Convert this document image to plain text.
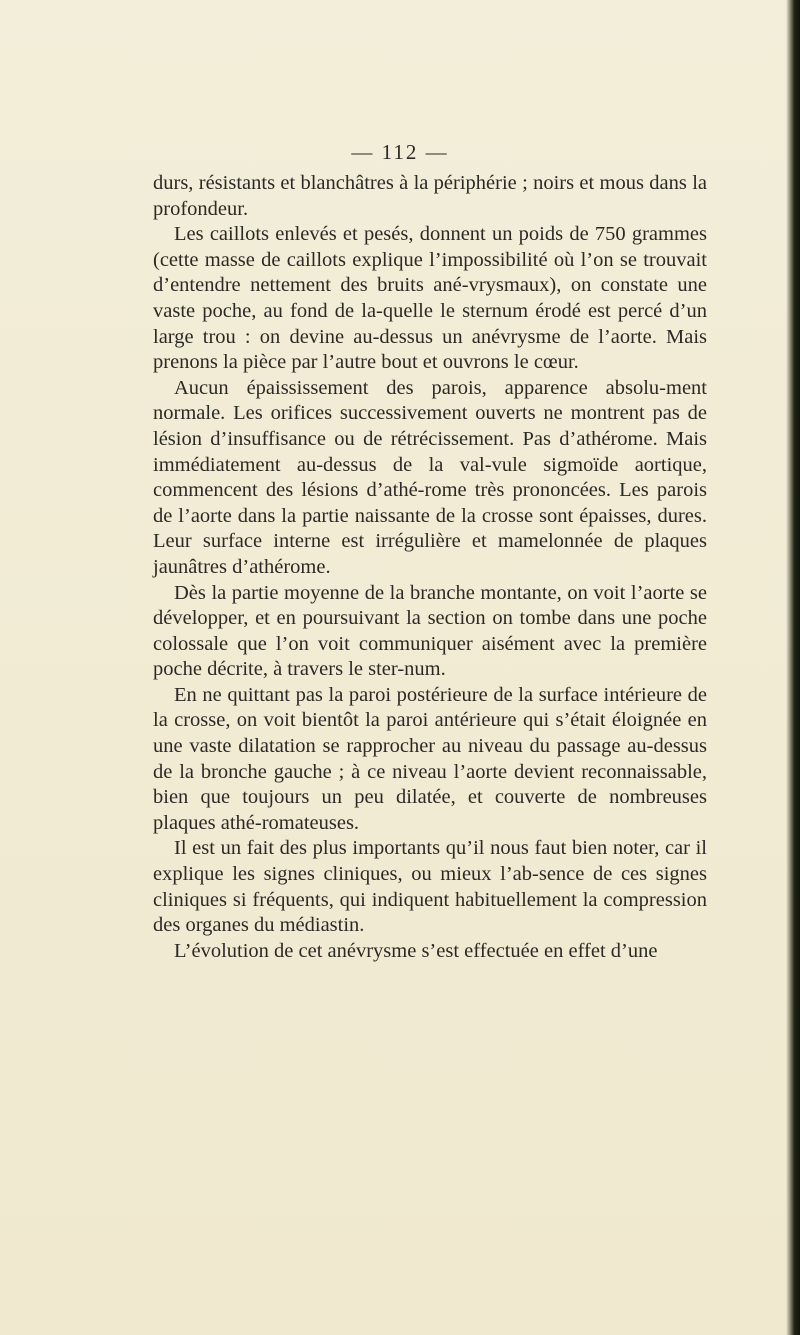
— 112 —

durs, résistants et blanchâtres à la périphérie ; noirs et mous dans la profondeur.

Les caillots enlevés et pesés, donnent un poids de 750 grammes (cette masse de caillots explique l’impossibilité où l’on se trouvait d’entendre nettement des bruits ané-vrysmaux), on constate une vaste poche, au fond de la-quelle le sternum érodé est percé d’un large trou : on devine au-dessus un anévrysme de l’aorte. Mais prenons la pièce par l’autre bout et ouvrons le cœur.

Aucun épaississement des parois, apparence absolu-ment normale. Les orifices successivement ouverts ne montrent pas de lésion d’insuffisance ou de rétrécissement. Pas d’athérome. Mais immédiatement au-dessus de la val-vule sigmoïde aortique, commencent des lésions d’athé-rome très prononcées. Les parois de l’aorte dans la partie naissante de la crosse sont épaisses, dures. Leur surface interne est irrégulière et mamelonnée de plaques jaunâtres d’athérome.

Dès la partie moyenne de la branche montante, on voit l’aorte se développer, et en poursuivant la section on tombe dans une poche colossale que l’on voit communiquer aisément avec la première poche décrite, à travers le ster-num.

En ne quittant pas la paroi postérieure de la surface intérieure de la crosse, on voit bientôt la paroi antérieure qui s’était éloignée en une vaste dilatation se rapprocher au niveau du passage au-dessus de la bronche gauche ; à ce niveau l’aorte devient reconnaissable, bien que toujours un peu dilatée, et couverte de nombreuses plaques athé-romateuses.

Il est un fait des plus importants qu’il nous faut bien noter, car il explique les signes cliniques, ou mieux l’ab-sence de ces signes cliniques si fréquents, qui indiquent habituellement la compression des organes du médiastin.

L’évolution de cet anévrysme s’est effectuée en effet d’une
